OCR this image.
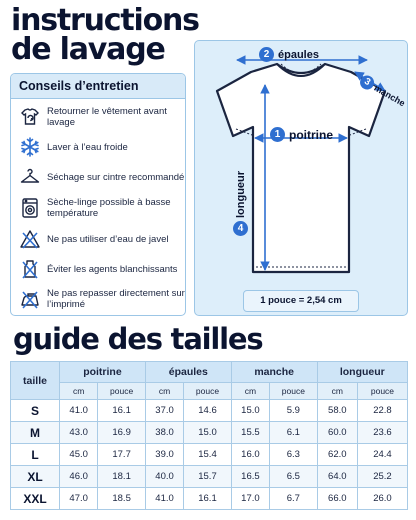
instructions
de lavage
Conseils d’entretien
Retourner le vêtement avant lavage
Laver à l’eau froide
Séchage sur cintre recommandé
Sèche-linge possible à basse température
Ne pas utiliser d’eau de javel
Éviter les agents blanchissants
Ne pas repasser directement sur l’imprimé
2 épaules
3
manche
1 poitrine
4
longueur
1 pouce = 2,54 cm
guide des tailles
taille	poitrine		épaules		manche		longueur	
	cm	pouce	cm	pouce	cm	pouce	cm	pouce
S	41.0	16.1	37.0	14.6	15.0	5.9	58.0	22.8
M	43.0	16.9	38.0	15.0	15.5	6.1	60.0	23.6
L	45.0	17.7	39.0	15.4	16.0	6.3	62.0	24.4
XL	46.0	18.1	40.0	15.7	16.5	6.5	64.0	25.2
XXL	47.0	18.5	41.0	16.1	17.0	6.7	66.0	26.0
